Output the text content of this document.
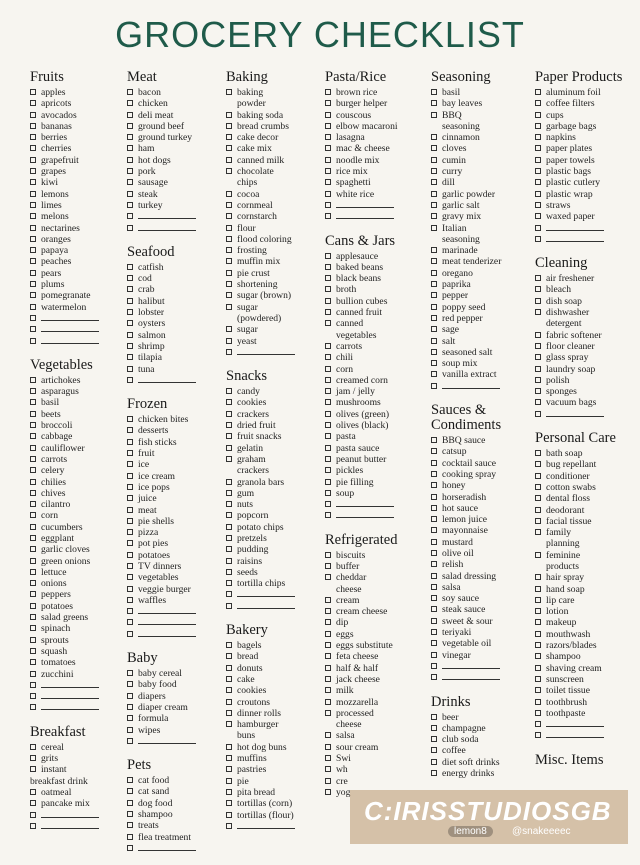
GROCERY CHECKLIST
Fruits
apples
apricots
avocados
bananas
berries
cherries
grapefruit
grapes
kiwi
lemons
limes
melons
nectarines
oranges
papaya
peaches
pears
plums
pomegranate
watermelon
Vegetables
artichokes
asparagus
basil
beets
broccoli
cabbage
cauliflower
carrots
celery
chilies
chives
cilantro
corn
cucumbers
eggplant
garlic cloves
green onions
lettuce
onions
peppers
potatoes
salad greens
spinach
sprouts
squash
tomatoes
zucchini
Breakfast
cereal
grits
instant
breakfast drink
oatmeal
pancake mix
Meat
bacon
chicken
deli meat
ground beef
ground turkey
ham
hot dogs
pork
sausage
steak
turkey
Seafood
catfish
cod
crab
halibut
lobster
oysters
salmon
shrimp
tilapia
tuna
Frozen
chicken bites
desserts
fish sticks
fruit
ice
ice cream
ice pops
juice
meat
pie shells
pizza
pot pies
potatoes
TV dinners
vegetables
veggie burger
waffles
Baby
baby cereal
baby food
diapers
diaper cream
formula
wipes
Pets
cat food
cat sand
dog food
shampoo
treats
flea treatment
Baking
baking
powder
baking soda
bread crumbs
cake decor
cake mix
canned milk
chocolate
chips
cocoa
cornmeal
cornstarch
flour
flood coloring
frosting
muffin mix
pie crust
shortening
sugar (brown)
sugar
(powdered)
sugar
yeast
Snacks
candy
cookies
crackers
dried fruit
fruit snacks
gelatin
graham
crackers
granola bars
gum
nuts
popcorn
potato chips
pretzels
pudding
raisins
seeds
tortilla chips
Bakery
bagels
bread
donuts
cake
cookies
croutons
dinner rolls
hamburger
buns
hot dog buns
muffins
pastries
pie
pita bread
tortillas (corn)
tortillas (flour)
Pasta/Rice
brown rice
burger helper
couscous
elbow macaroni
lasagna
mac & cheese
noodle mix
rice mix
spaghetti
white rice
Cans & Jars
applesauce
baked beans
black beans
broth
bullion cubes
canned fruit
canned
vegetables
carrots
chili
corn
creamed corn
jam / jelly
mushrooms
olives (green)
olives (black)
pasta
pasta sauce
peanut butter
pickles
pie filling
soup
Refrigerated
biscuits
buffer
cheddar
cheese
cream
cream cheese
dip
eggs
eggs substitute
feta cheese
half & half
jack cheese
milk
mozzarella
processed
cheese
salsa
sour cream
Swi
wh
cre
yog
Seasoning
basil
bay leaves
BBQ
seasoning
cinnamon
cloves
cumin
curry
dill
garlic powder
garlic salt
gravy mix
Italian
seasoning
marinade
meat tenderizer
oregano
paprika
pepper
poppy seed
red pepper
sage
salt
seasoned salt
soup mix
vanilla extract
Sauces & Condiments
BBQ sauce
catsup
cocktail sauce
cooking spray
honey
horseradish
hot sauce
lemon juice
mayonnaise
mustard
olive oil
relish
salad dressing
salsa
soy sauce
steak sauce
sweet & sour
teriyaki
vegetable oil
vinegar
Drinks
beer
champagne
club soda
coffee
diet soft drinks
energy drinks
Paper Products
aluminum foil
coffee filters
cups
garbage bags
napkins
paper plates
paper towels
plastic bags
plastic cutlery
plastic wrap
straws
waxed paper
Cleaning
air freshener
bleach
dish soap
dishwasher
detergent
fabric softener
floor cleaner
glass spray
laundry soap
polish
sponges
vacuum bags
Personal Care
bath soap
bug repellant
conditioner
cotton swabs
dental floss
deodorant
facial tissue
family
planning
feminine
products
hair spray
hand soap
lip care
lotion
makeup
mouthwash
razors/blades
shampoo
shaving cream
sunscreen
toilet tissue
toothbrush
toothpaste
Misc. Items
C:IRISSTUDIOSGB
lemon8	@snakeeeec
